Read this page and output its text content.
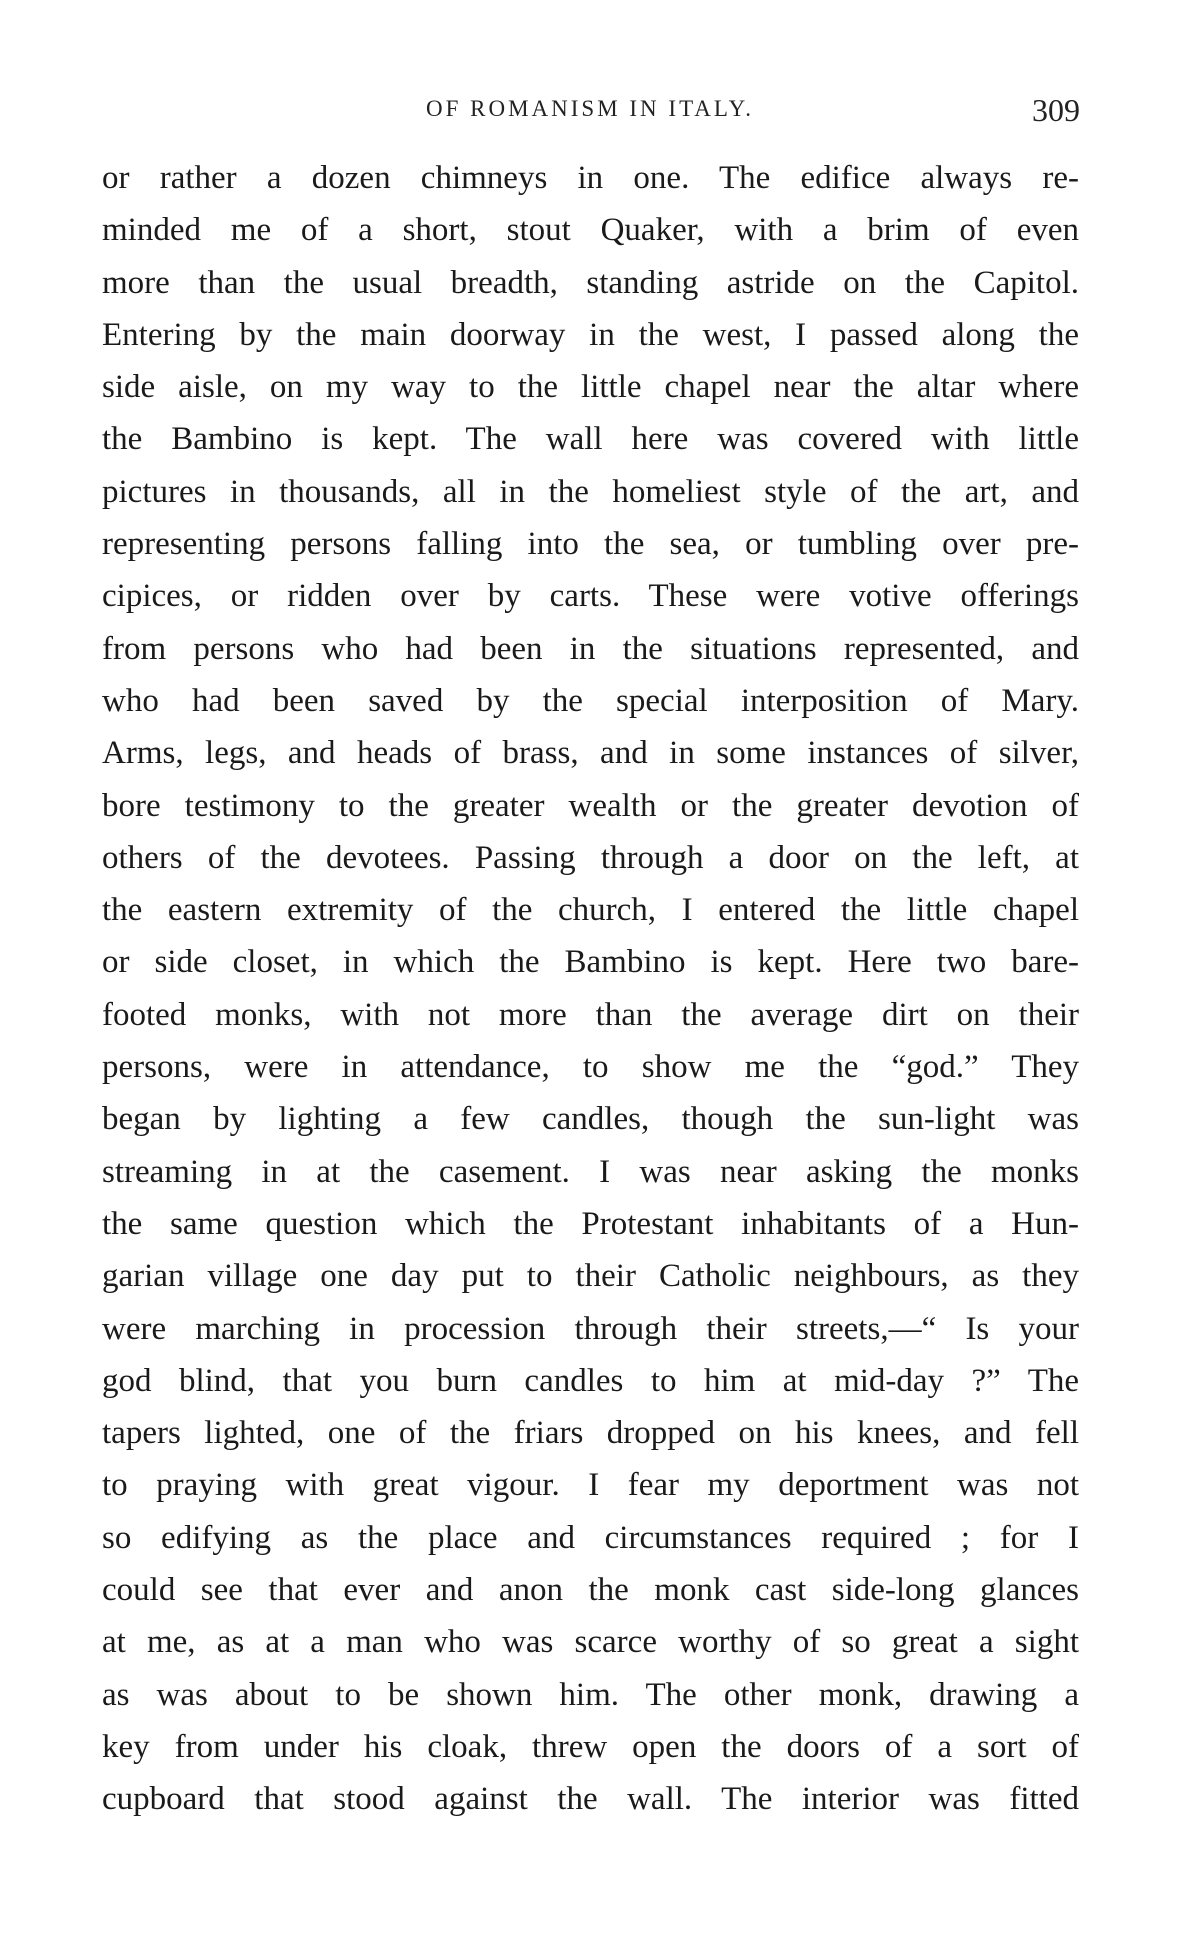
OF ROMANISM IN ITALY.	309
or rather a dozen chimneys in one. The edifice always re-
minded me of a short, stout Quaker, with a brim of even
more than the usual breadth, standing astride on the Capitol.
Entering by the main doorway in the west, I passed along the
side aisle, on my way to the little chapel near the altar where
the Bambino is kept. The wall here was covered with little
pictures in thousands, all in the homeliest style of the art, and
representing persons falling into the sea, or tumbling over pre-
cipices, or ridden over by carts. These were votive offerings
from persons who had been in the situations represented, and
who had been saved by the special interposition of Mary.
Arms, legs, and heads of brass, and in some instances of silver,
bore testimony to the greater wealth or the greater devotion of
others of the devotees. Passing through a door on the left, at
the eastern extremity of the church, I entered the little chapel
or side closet, in which the Bambino is kept. Here two bare-
footed monks, with not more than the average dirt on their
persons, were in attendance, to show me the “god.” They
began by lighting a few candles, though the sun-light was
streaming in at the casement. I was near asking the monks
the same question which the Protestant inhabitants of a Hun-
garian village one day put to their Catholic neighbours, as they
were marching in procession through their streets,—“ Is your
god blind, that you burn candles to him at mid-day ?” The
tapers lighted, one of the friars dropped on his knees, and fell
to praying with great vigour. I fear my deportment was not
so edifying as the place and circumstances required ; for I
could see that ever and anon the monk cast side-long glances
at me, as at a man who was scarce worthy of so great a sight
as was about to be shown him. The other monk, drawing a
key from under his cloak, threw open the doors of a sort of
cupboard that stood against the wall. The interior was fitted
